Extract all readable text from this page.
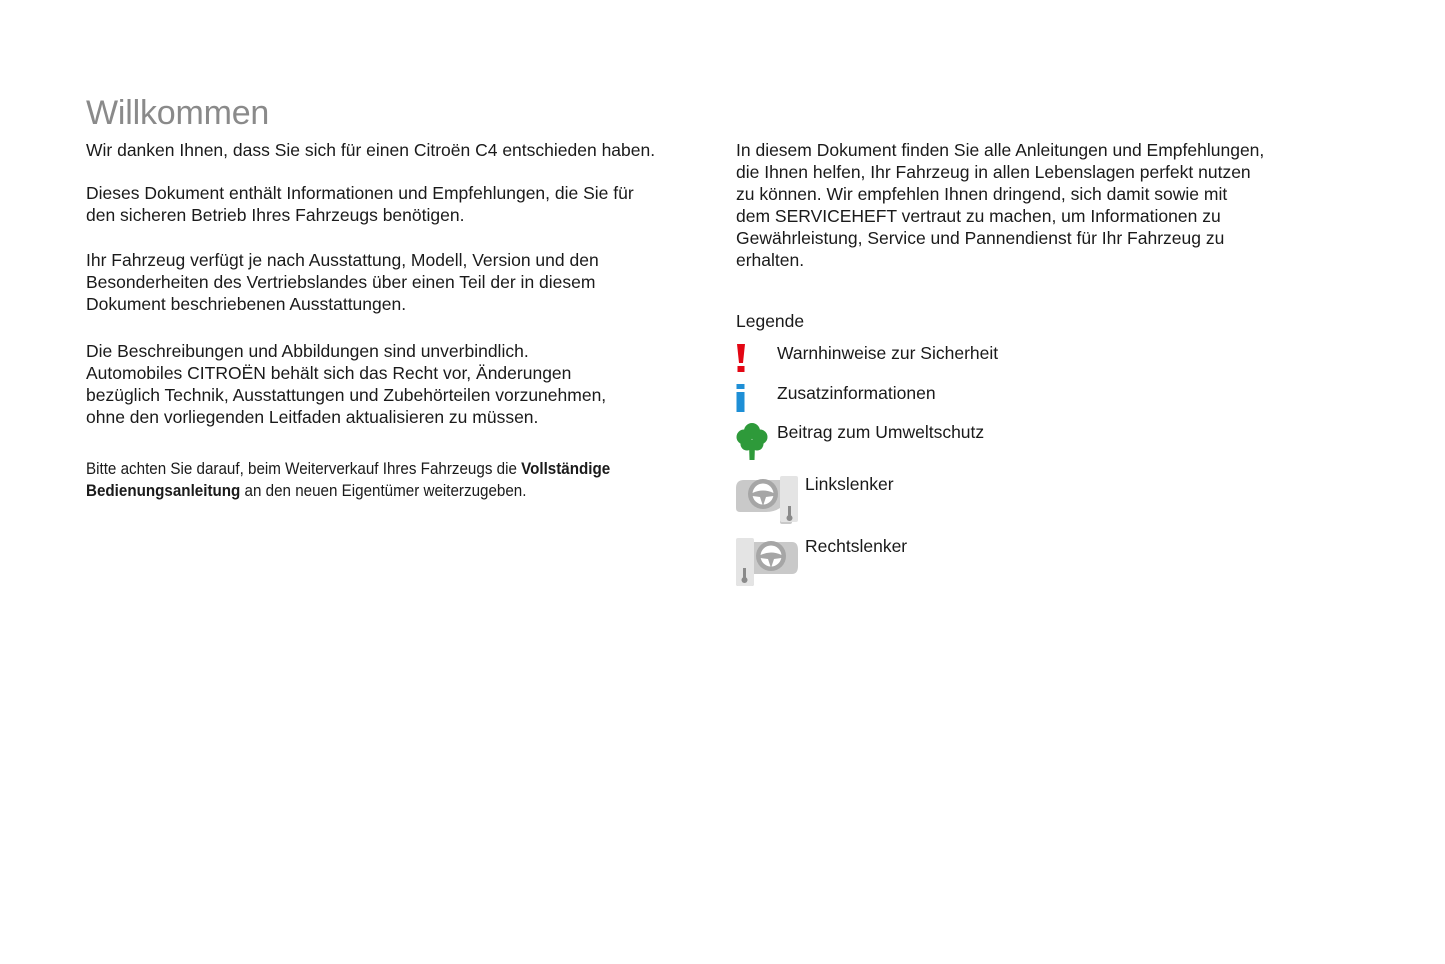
Willkommen

Wir danken Ihnen, dass Sie sich für einen Citroën C4 entschieden haben.

Dieses Dokument enthält Informationen und Empfehlungen, die Sie für
den sicheren Betrieb Ihres Fahrzeugs benötigen.

Ihr Fahrzeug verfügt je nach Ausstattung, Modell, Version und den
Besonderheiten des Vertriebslandes über einen Teil der in diesem
Dokument beschriebenen Ausstattungen.

Die Beschreibungen und Abbildungen sind unverbindlich.
Automobiles CITROËN behält sich das Recht vor, Änderungen
bezüglich Technik, Ausstattungen und Zubehörteilen vorzunehmen,
ohne den vorliegenden Leitfaden aktualisieren zu müssen.

Bitte achten Sie darauf, beim Weiterverkauf Ihres Fahrzeugs die Vollständige Bedienungsanleitung an den neuen Eigentümer weiterzugeben.

In diesem Dokument finden Sie alle Anleitungen und Empfehlungen,
die Ihnen helfen, Ihr Fahrzeug in allen Lebenslagen perfekt nutzen
zu können. Wir empfehlen Ihnen dringend, sich damit sowie mit
dem SERVICEHEFT vertraut zu machen, um Informationen zu
Gewährleistung, Service und Pannendienst für Ihr Fahrzeug zu
erhalten.

Legende

Warnhinweise zur Sicherheit
Zusatzinformationen
Beitrag zum Umweltschutz
Linkslenker
Rechtslenker
